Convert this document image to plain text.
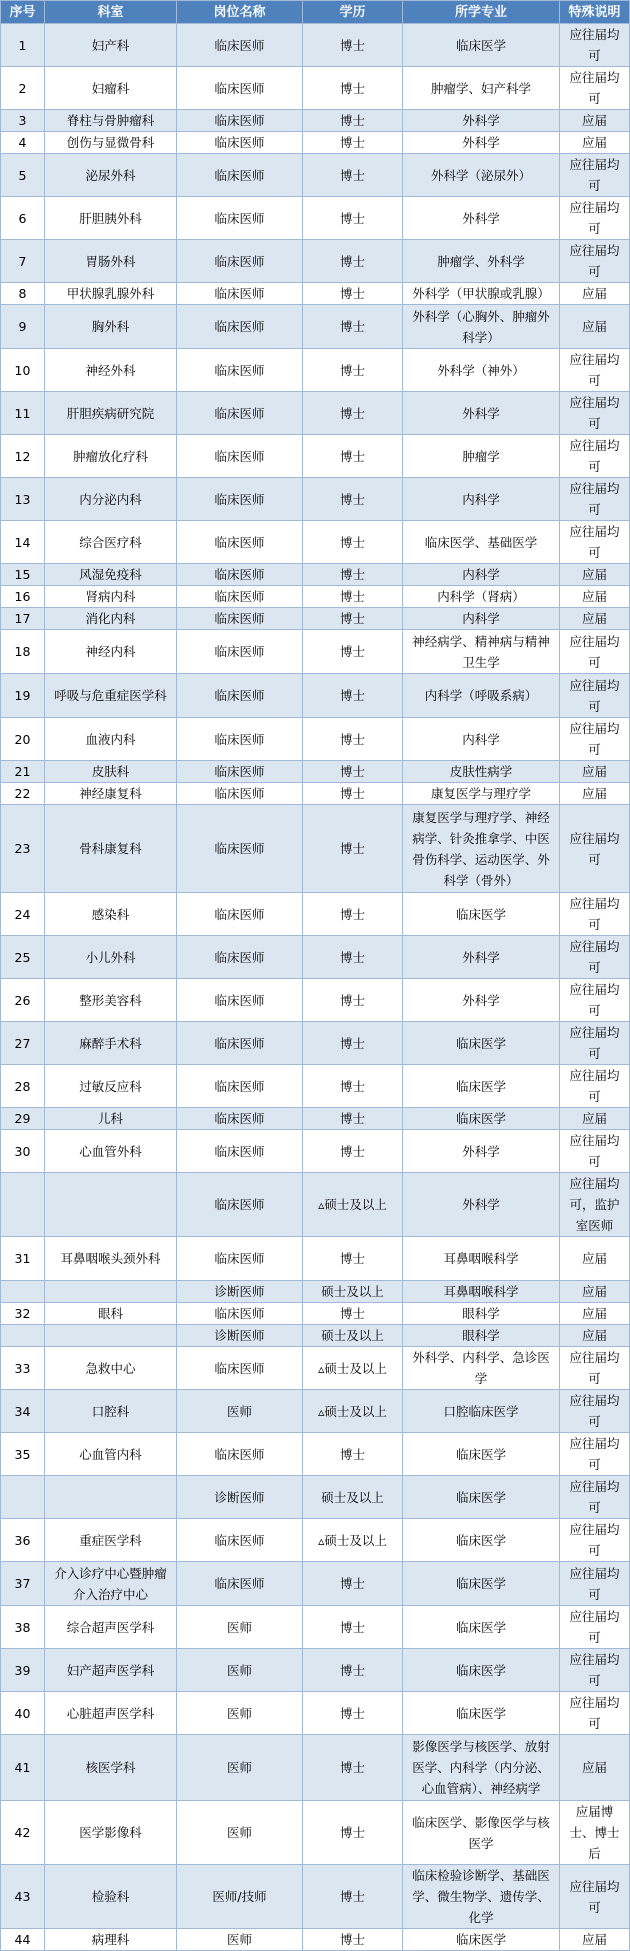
序号	科室	岗位名称	学历	所学专业	特殊说明
1	妇产科	临床医师	博士	临床医学	应往届均可
2	妇瘤科	临床医师	博士	肿瘤学、妇产科学	应往届均可
3	脊柱与骨肿瘤科	临床医师	博士	外科学	应届
4	创伤与显微骨科	临床医师	博士	外科学	应届
5	泌尿外科	临床医师	博士	外科学（泌尿外）	应往届均可
6	肝胆胰外科	临床医师	博士	外科学	应往届均可
7	胃肠外科	临床医师	博士	肿瘤学、外科学	应往届均可
8	甲状腺乳腺外科	临床医师	博士	外科学（甲状腺或乳腺）	应届
9	胸外科	临床医师	博士	外科学（心胸外、肿瘤外科学）	应届
10	神经外科	临床医师	博士	外科学（神外）	应往届均可
11	肝胆疾病研究院	临床医师	博士	外科学	应往届均可
12	肿瘤放化疗科	临床医师	博士	肿瘤学	应往届均可
13	内分泌内科	临床医师	博士	内科学	应往届均可
14	综合医疗科	临床医师	博士	临床医学、基础医学	应往届均可
15	风湿免疫科	临床医师	博士	内科学	应届
16	肾病内科	临床医师	博士	内科学（肾病）	应届
17	消化内科	临床医师	博士	内科学	应届
18	神经内科	临床医师	博士	神经病学、精神病与精神卫生学	应往届均可
19	呼吸与危重症医学科	临床医师	博士	内科学（呼吸系病）	应往届均可
20	血液内科	临床医师	博士	内科学	应往届均可
21	皮肤科	临床医师	博士	皮肤性病学	应届
22	神经康复科	临床医师	博士	康复医学与理疗学	应届
23	骨科康复科	临床医师	博士	康复医学与理疗学、神经病学、针灸推拿学、中医骨伤科学、运动医学、外科学（骨外）	应往届均可
24	感染科	临床医师	博士	临床医学	应往届均可
25	小儿外科	临床医师	博士	外科学	应往届均可
26	整形美容科	临床医师	博士	外科学	应往届均可
27	麻醉手术科	临床医师	博士	临床医学	应往届均可
28	过敏反应科	临床医师	博士	临床医学	应往届均可
29	儿科	临床医师	博士	临床医学	应届
30	心血管外科	临床医师	博士	外科学	应往届均可
		临床医师	▵硕士及以上	外科学	应往届均可，监护室医师
31	耳鼻咽喉头颈外科	临床医师	博士	耳鼻咽喉科学	应届
		诊断医师	硕士及以上	耳鼻咽喉科学	应届
32	眼科	临床医师	博士	眼科学	应届
		诊断医师	硕士及以上	眼科学	应届
33	急救中心	临床医师	▵硕士及以上	外科学、内科学、急诊医学	应往届均可
34	口腔科	医师	▵硕士及以上	口腔临床医学	应往届均可
35	心血管内科	临床医师	博士	临床医学	应往届均可
		诊断医师	硕士及以上	临床医学	应往届均可
36	重症医学科	临床医师	▵硕士及以上	临床医学	应往届均可
37	介入诊疗中心暨肿瘤介入治疗中心	临床医师	博士	临床医学	应往届均可
38	综合超声医学科	医师	博士	临床医学	应往届均可
39	妇产超声医学科	医师	博士	临床医学	应往届均可
40	心脏超声医学科	医师	博士	临床医学	应往届均可
41	核医学科	医师	博士	影像医学与核医学、放射医学、内科学（内分泌、心血管病）、神经病学	应届
42	医学影像科	医师	博士	临床医学、影像医学与核医学	应届博士、博士后
43	检验科	医师/技师	博士	临床检验诊断学、基础医学、微生物学、遗传学、化学	应往届均可
44	病理科	医师	博士	临床医学	应届
